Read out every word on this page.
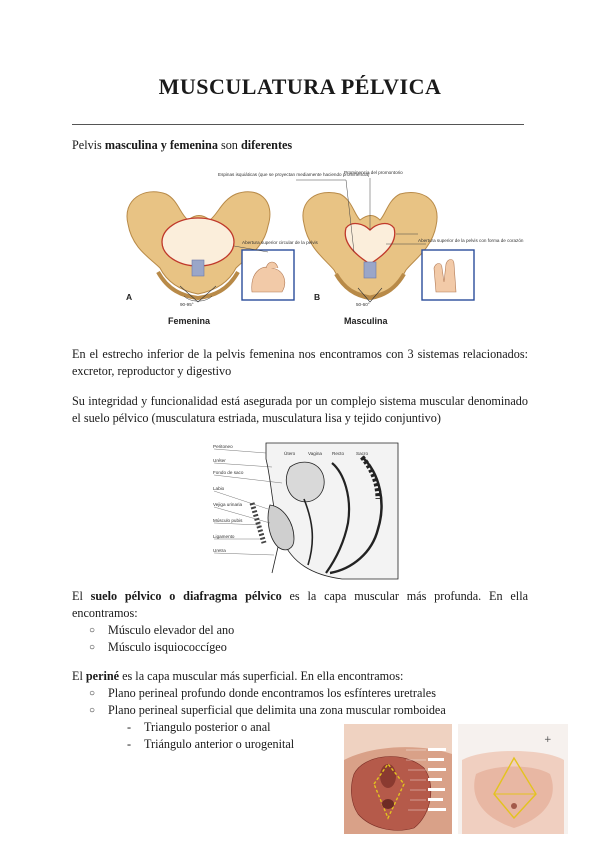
MUSCULATURA PÉLVICA

Pelvis masculina y femenina son diferentes

Espinas isquiáticas (que se proyectan mediamente haciendo prominencia)
Prominencia del promontorio
Abertura superior circular de la pelvis	Abertura superior de la pelvis con forma de corazón
90-95°	50-60°
A	B
Femenina	Masculina

En el estrecho inferior de la pelvis femenina nos encontramos con 3 sistemas relacionados: excretor, reproductor y digestivo

Su integridad y funcionalidad está asegurada por un complejo sistema muscular denominado el suelo pélvico (musculatura estriada, musculatura lisa y tejido conjuntivo)

Peritoneo
Uréter
Fondo de saco
Labio
Vejiga urinaria
Músculo pubis
Ligamento
Uretra
Útero	Vagina Recto	Sacro

El suelo pélvico o diafragma pélvico es la capa muscular más profunda. En ella encontramos:

○ Músculo elevador del ano
○ Músculo isquiococcígeo

El periné es la capa muscular más superficial. En ella encontramos:

○ Plano perineal profundo donde encontramos los esfínteres uretrales
○ Plano perineal superficial que delimita una zona muscular romboidea
- Triangulo posterior o anal
- Triángulo anterior o urogenital	+
